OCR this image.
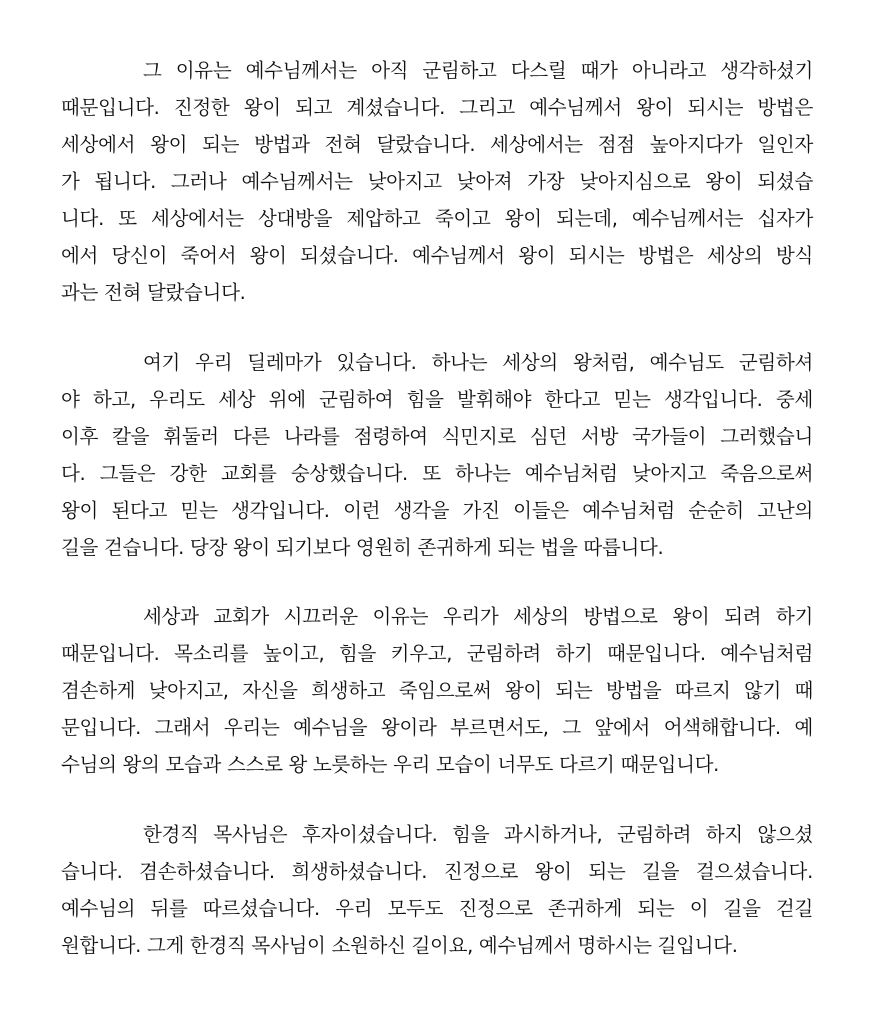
그 이유는 예수님께서는 아직 군림하고 다스릴 때가 아니라고 생각하셨기
때문입니다. 진정한 왕이 되고 계셨습니다. 그리고 예수님께서 왕이 되시는 방법은
세상에서 왕이 되는 방법과 전혀 달랐습니다. 세상에서는 점점 높아지다가 일인자
가 됩니다. 그러나 예수님께서는 낮아지고 낮아져 가장 낮아지심으로 왕이 되셨습
니다. 또 세상에서는 상대방을 제압하고 죽이고 왕이 되는데, 예수님께서는 십자가
에서 당신이 죽어서 왕이 되셨습니다. 예수님께서 왕이 되시는 방법은 세상의 방식
과는 전혀 달랐습니다.
여기 우리 딜레마가 있습니다. 하나는 세상의 왕처럼, 예수님도 군림하셔
야 하고, 우리도 세상 위에 군림하여 힘을 발휘해야 한다고 믿는 생각입니다. 중세
이후 칼을 휘둘러 다른 나라를 점령하여 식민지로 심던 서방 국가들이 그러했습니
다. 그들은 강한 교회를 숭상했습니다. 또 하나는 예수님처럼 낮아지고 죽음으로써
왕이 된다고 믿는 생각입니다. 이런 생각을 가진 이들은 예수님처럼 순순히 고난의
길을 걷습니다. 당장 왕이 되기보다 영원히 존귀하게 되는 법을 따릅니다.
세상과 교회가 시끄러운 이유는 우리가 세상의 방법으로 왕이 되려 하기
때문입니다. 목소리를 높이고, 힘을 키우고, 군림하려 하기 때문입니다. 예수님처럼
겸손하게 낮아지고, 자신을 희생하고 죽임으로써 왕이 되는 방법을 따르지 않기 때
문입니다. 그래서 우리는 예수님을 왕이라 부르면서도, 그 앞에서 어색해합니다. 예
수님의 왕의 모습과 스스로 왕 노릇하는 우리 모습이 너무도 다르기 때문입니다.
한경직 목사님은 후자이셨습니다. 힘을 과시하거나, 군림하려 하지 않으셨
습니다. 겸손하셨습니다. 희생하셨습니다. 진정으로 왕이 되는 길을 걸으셨습니다.
예수님의 뒤를 따르셨습니다. 우리 모두도 진정으로 존귀하게 되는 이 길을 걷길
원합니다. 그게 한경직 목사님이 소원하신 길이요, 예수님께서 명하시는 길입니다.
